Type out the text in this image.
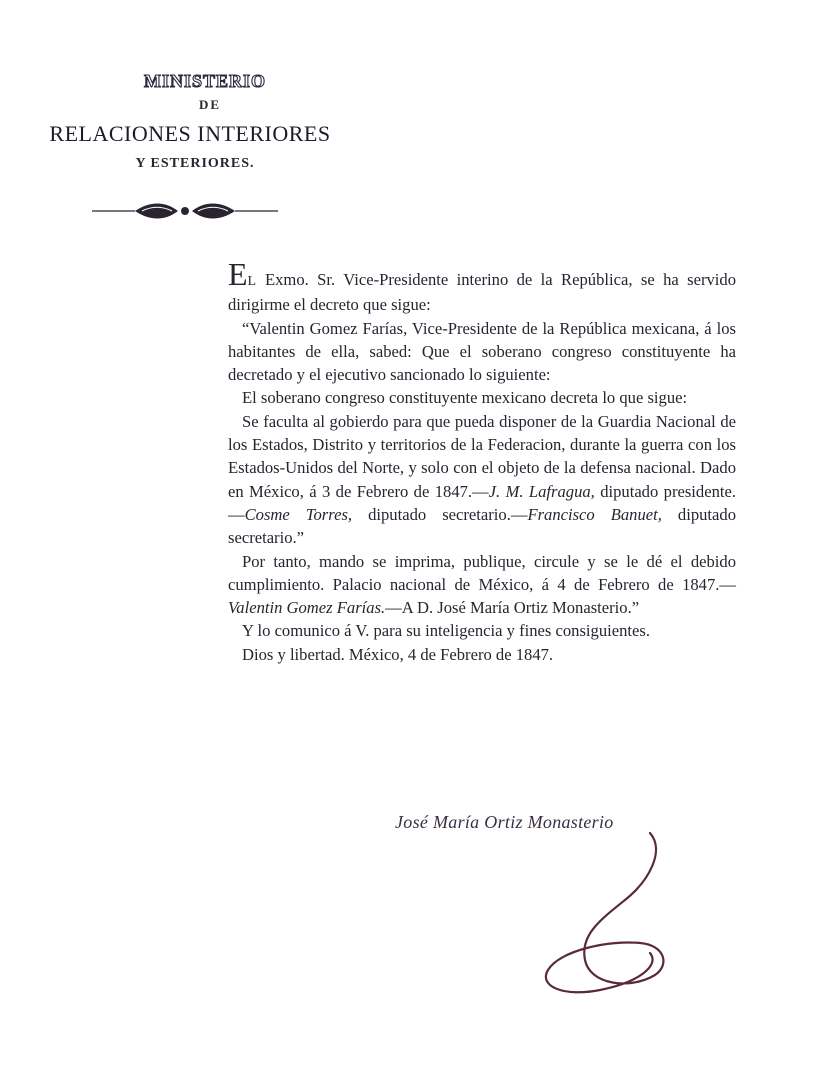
MINISTERIO
DE
RELACIONES INTERIORES
Y ESTERIORES.

EL Exmo. Sr. Vice-Presidente interino de la República, se ha servido dirigirme el decreto que sigue:

“Valentin Gomez Farías, Vice-Presidente de la República mexicana, á los habitantes de ella, sabed: Que el soberano congreso constituyente ha decretado y el ejecutivo sancionado lo siguiente:

El soberano congreso constituyente mexicano decreta lo que sigue:

Se faculta al gobierdo para que pueda disponer de la Guardia Nacional de los Estados, Distrito y territorios de la Federacion, durante la guerra con los Estados-Unidos del Norte, y solo con el objeto de la defensa nacional. Dado en México, á 3 de Febrero de 1847.—J. M. Lafragua, diputado presidente.—Cosme Torres, diputado secretario.—Francisco Banuet, diputado secretario.”

Por tanto, mando se imprima, publique, circule y se le dé el debido cumplimiento. Palacio nacional de México, á 4 de Febrero de 1847.—Valentin Gomez Farías.—A D. José María Ortiz Monasterio.”

Y lo comunico á V. para su inteligencia y fines consiguientes.

Dios y libertad. México, 4 de Febrero de 1847.

José María Ortiz Monasterio
